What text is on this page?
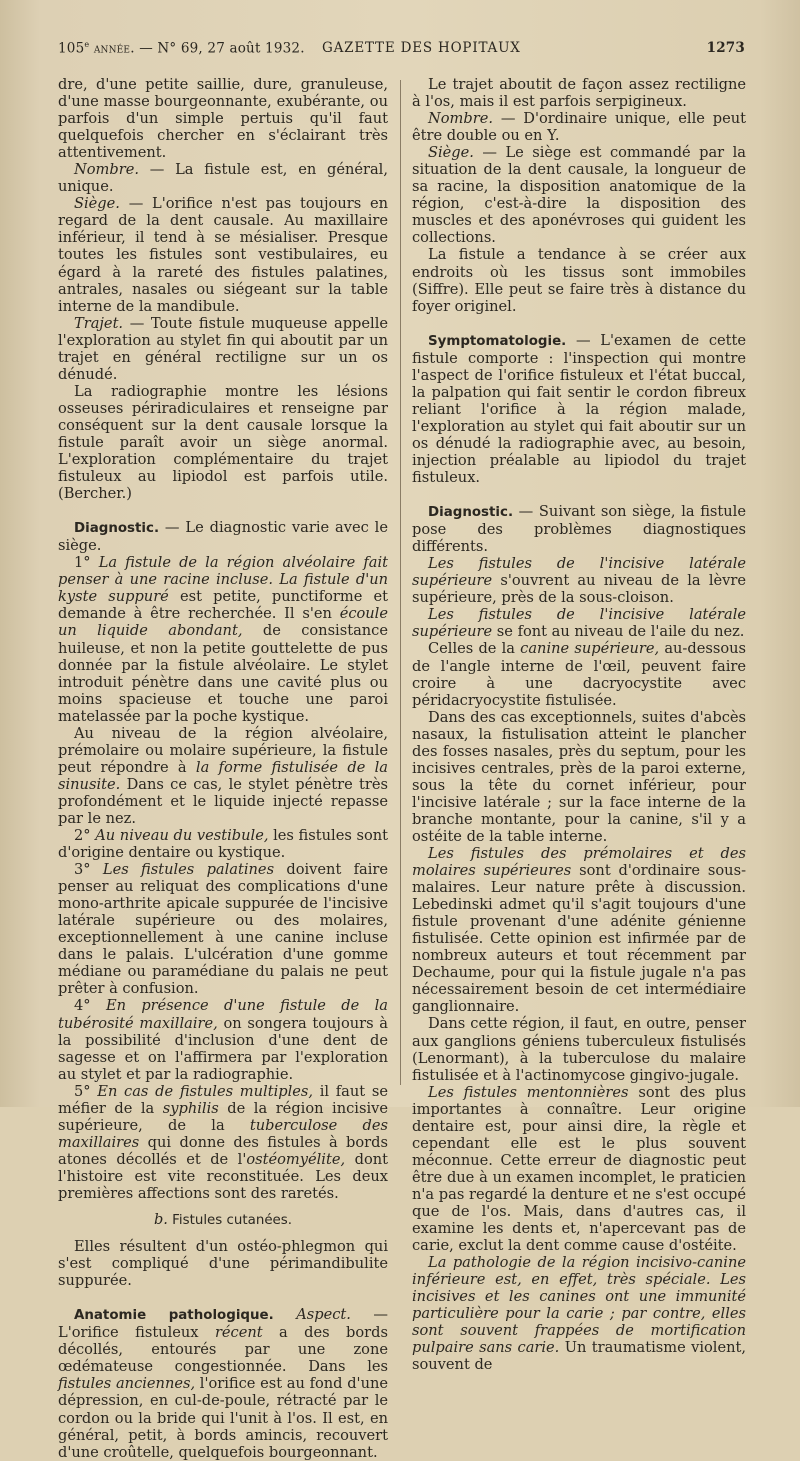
105e année. — N° 69, 27 août 1932. GAZETTE DES HOPITAUX	1273

dre, d'une petite saillie, dure, granuleuse, d'une masse bourgeonnante, exubérante, ou parfois d'un simple pertuis qu'il faut quelquefois chercher en s'éclairant très attentivement.

Nombre. — La fistule est, en général, unique.

Siège. — L'orifice n'est pas toujours en regard de la dent causale. Au maxillaire inférieur, il tend à se mésialiser. Presque toutes les fistules sont vestibulaires, eu égard à la rareté des fistules palatines, antrales, nasales ou siégeant sur la table interne de la mandibule.

Trajet. — Toute fistule muqueuse appelle l'exploration au stylet fin qui aboutit par un trajet en général rectiligne sur un os dénudé.

La radiographie montre les lésions osseuses périradiculaires et renseigne par conséquent sur la dent causale lorsque la fistule paraît avoir un siège anormal. L'exploration complémentaire du trajet fistuleux au lipiodol est parfois utile. (Bercher.)

Diagnostic. — Le diagnostic varie avec le siège.

1° La fistule de la région alvéolaire fait penser à une racine incluse. La fistule d'un kyste suppuré est petite, punctiforme et demande à être recherchée. Il s'en écoule un liquide abondant, de consistance huileuse, et non la petite gouttelette de pus donnée par la fistule alvéolaire. Le stylet introduit pénètre dans une cavité plus ou moins spacieuse et touche une paroi matelassée par la poche kystique.

Au niveau de la région alvéolaire, prémolaire ou molaire supérieure, la fistule peut répondre à la forme fistulisée de la sinusite. Dans ce cas, le stylet pénètre très profondément et le liquide injecté repasse par le nez.

2° Au niveau du vestibule, les fistules sont d'origine dentaire ou kystique.

3° Les fistules palatines doivent faire penser au reliquat des complications d'une mono-arthrite apicale suppurée de l'incisive latérale supérieure ou des molaires, exceptionnellement à une canine incluse dans le palais. L'ulcération d'une gomme médiane ou paramédiane du palais ne peut prêter à confusion.

4° En présence d'une fistule de la tubérosité maxillaire, on songera toujours à la possibilité d'inclusion d'une dent de sagesse et on l'affirmera par l'exploration au stylet et par la radiographie.

5° En cas de fistules multiples, il faut se méfier de la syphilis de la région incisive supérieure, de la tuberculose des maxillaires qui donne des fistules à bords atones décollés et de l'ostéomyélite, dont l'histoire est vite reconstituée. Les deux premières affections sont des raretés.

b. Fistules cutanées.

Elles résultent d'un ostéo-phlegmon qui s'est compliqué d'une périmandibulite suppurée.

Anatomie pathologique. Aspect. — L'orifice fistuleux récent a des bords décollés, entourés par une zone œdémateuse congestionnée. Dans les fistules anciennes, l'orifice est au fond d'une dépression, en cul-de-poule, rétracté par le cordon ou la bride qui l'unit à l'os. Il est, en général, petit, à bords amincis, recouvert d'une croûtelle, quelquefois bourgeonnant.

Le trajet aboutit de façon assez rectiligne à l'os, mais il est parfois serpigineux.

Nombre. — D'ordinaire unique, elle peut être double ou en Y.

Siège. — Le siège est commandé par la situation de la dent causale, la longueur de sa racine, la disposition anatomique de la région, c'est-à-dire la disposition des muscles et des aponévroses qui guident les collections.

La fistule a tendance à se créer aux endroits où les tissus sont immobiles (Siffre). Elle peut se faire très à distance du foyer originel.

Symptomatologie. — L'examen de cette fistule comporte : l'inspection qui montre l'aspect de l'orifice fistuleux et l'état buccal, la palpation qui fait sentir le cordon fibreux reliant l'orifice à la région malade, l'exploration au stylet qui fait aboutir sur un os dénudé la radiographie avec, au besoin, injection préalable au lipiodol du trajet fistuleux.

Diagnostic. — Suivant son siège, la fistule pose des problèmes diagnostiques différents.

Les fistules de l'incisive latérale supérieure s'ouvrent au niveau de la lèvre supérieure, près de la sous-cloison.

Les fistules de l'incisive latérale supérieure se font au niveau de l'aile du nez.

Celles de la canine supérieure, au-dessous de l'angle interne de l'œil, peuvent faire croire à une dacryocystite avec péridacryocystite fistulisée.

Dans des cas exceptionnels, suites d'abcès nasaux, la fistulisation atteint le plancher des fosses nasales, près du septum, pour les incisives centrales, près de la paroi externe, sous la tête du cornet inférieur, pour l'incisive latérale ; sur la face interne de la branche montante, pour la canine, s'il y a ostéite de la table interne.

Les fistules des prémolaires et des molaires supérieures sont d'ordinaire sous-malaires. Leur nature prête à discussion. Lebedinski admet qu'il s'agit toujours d'une fistule provenant d'une adénite génienne fistulisée. Cette opinion est infirmée par de nombreux auteurs et tout récemment par Dechaume, pour qui la fistule jugale n'a pas nécessairement besoin de cet intermédiaire ganglionnaire.

Dans cette région, il faut, en outre, penser aux ganglions géniens tuberculeux fistulisés (Lenormant), à la tuberculose du malaire fistulisée et à l'actinomycose gingivo-jugale.

Les fistules mentonnières sont des plus importantes à connaître. Leur origine dentaire est, pour ainsi dire, la règle et cependant elle est le plus souvent méconnue. Cette erreur de diagnostic peut être due à un examen incomplet, le praticien n'a pas regardé la denture et ne s'est occupé que de l'os. Mais, dans d'autres cas, il examine les dents et, n'apercevant pas de carie, exclut la dent comme cause d'ostéite.

La pathologie de la région incisivo-canine inférieure est, en effet, très spéciale. Les incisives et les canines ont une immunité particulière pour la carie ; par contre, elles sont souvent frappées de mortification pulpaire sans carie. Un traumatisme violent, souvent de
